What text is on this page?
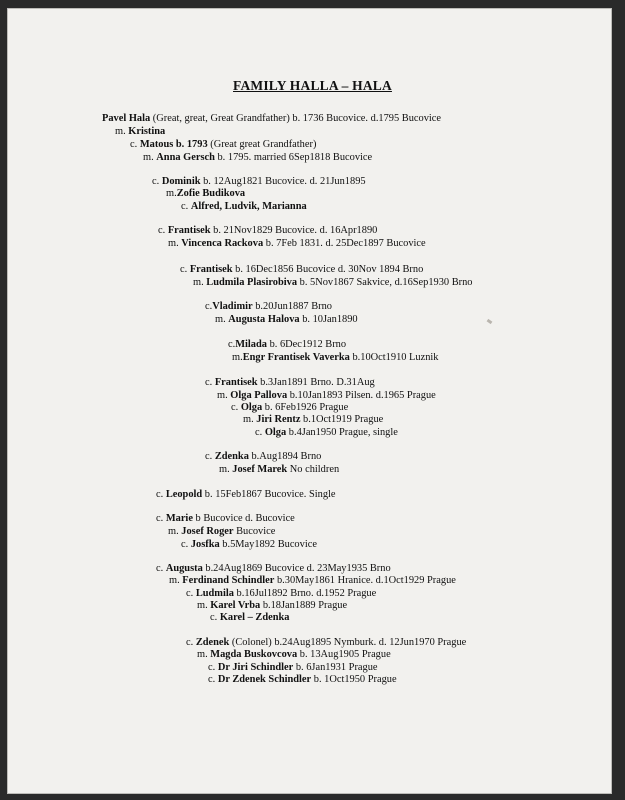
FAMILY HALLA – HALA
Pavel Hala (Great, great, Great Grandfather) b. 1736 Bucovice. d.1795 Bucovice
m. Kristina
c. Matous b. 1793 (Great great Grandfather)
m. Anna Gersch b. 1795. married 6Sep1818 Bucovice
c. Dominik b. 12Aug1821 Bucovice. d. 21Jun1895
m.Zofie Budikova
c. Alfred, Ludvik, Marianna
c. Frantisek b. 21Nov1829 Bucovice. d. 16Apr1890
m. Vincenca Rackova b. 7Feb 1831. d. 25Dec1897 Bucovice
c. Frantisek b. 16Dec1856 Bucovice d. 30Nov 1894 Brno
m. Ludmila Plasirobiva b. 5Nov1867 Sakvice, d.16Sep1930 Brno
c.Vladimir b.20Jun1887 Brno
m. Augusta Halova b. 10Jan1890
c.Milada b. 6Dec1912 Brno
m.Engr Frantisek Vaverka b.10Oct1910 Luznik
c. Frantisek b.3Jan1891 Brno. D.31Aug
m. Olga Pallova b.10Jan1893 Pilsen. d.1965 Prague
c. Olga b. 6Feb1926 Prague
m. Jiri Rentz b.1Oct1919 Prague
c. Olga b.4Jan1950 Prague, single
c. Zdenka b.Aug1894 Brno
m. Josef Marek No children
c. Leopold b. 15Feb1867 Bucovice. Single
c. Marie b Bucovice d. Bucovice
m. Josef Roger Bucovice
c. Josfka b.5May1892 Bucovice
c. Augusta b.24Aug1869 Bucovice d. 23May1935 Brno
m. Ferdinand Schindler b.30May1861 Hranice. d.1Oct1929 Prague
c. Ludmila b.16Jul1892 Brno. d.1952 Prague
m. Karel Vrba b.18Jan1889 Prague
c. Karel – Zdenka
c. Zdenek (Colonel) b.24Aug1895 Nymburk. d. 12Jun1970 Prague
m. Magda Buskovcova b. 13Aug1905 Prague
c. Dr Jiri Schindler b. 6Jan1931 Prague
c. Dr Zdenek Schindler b. 1Oct1950 Prague
